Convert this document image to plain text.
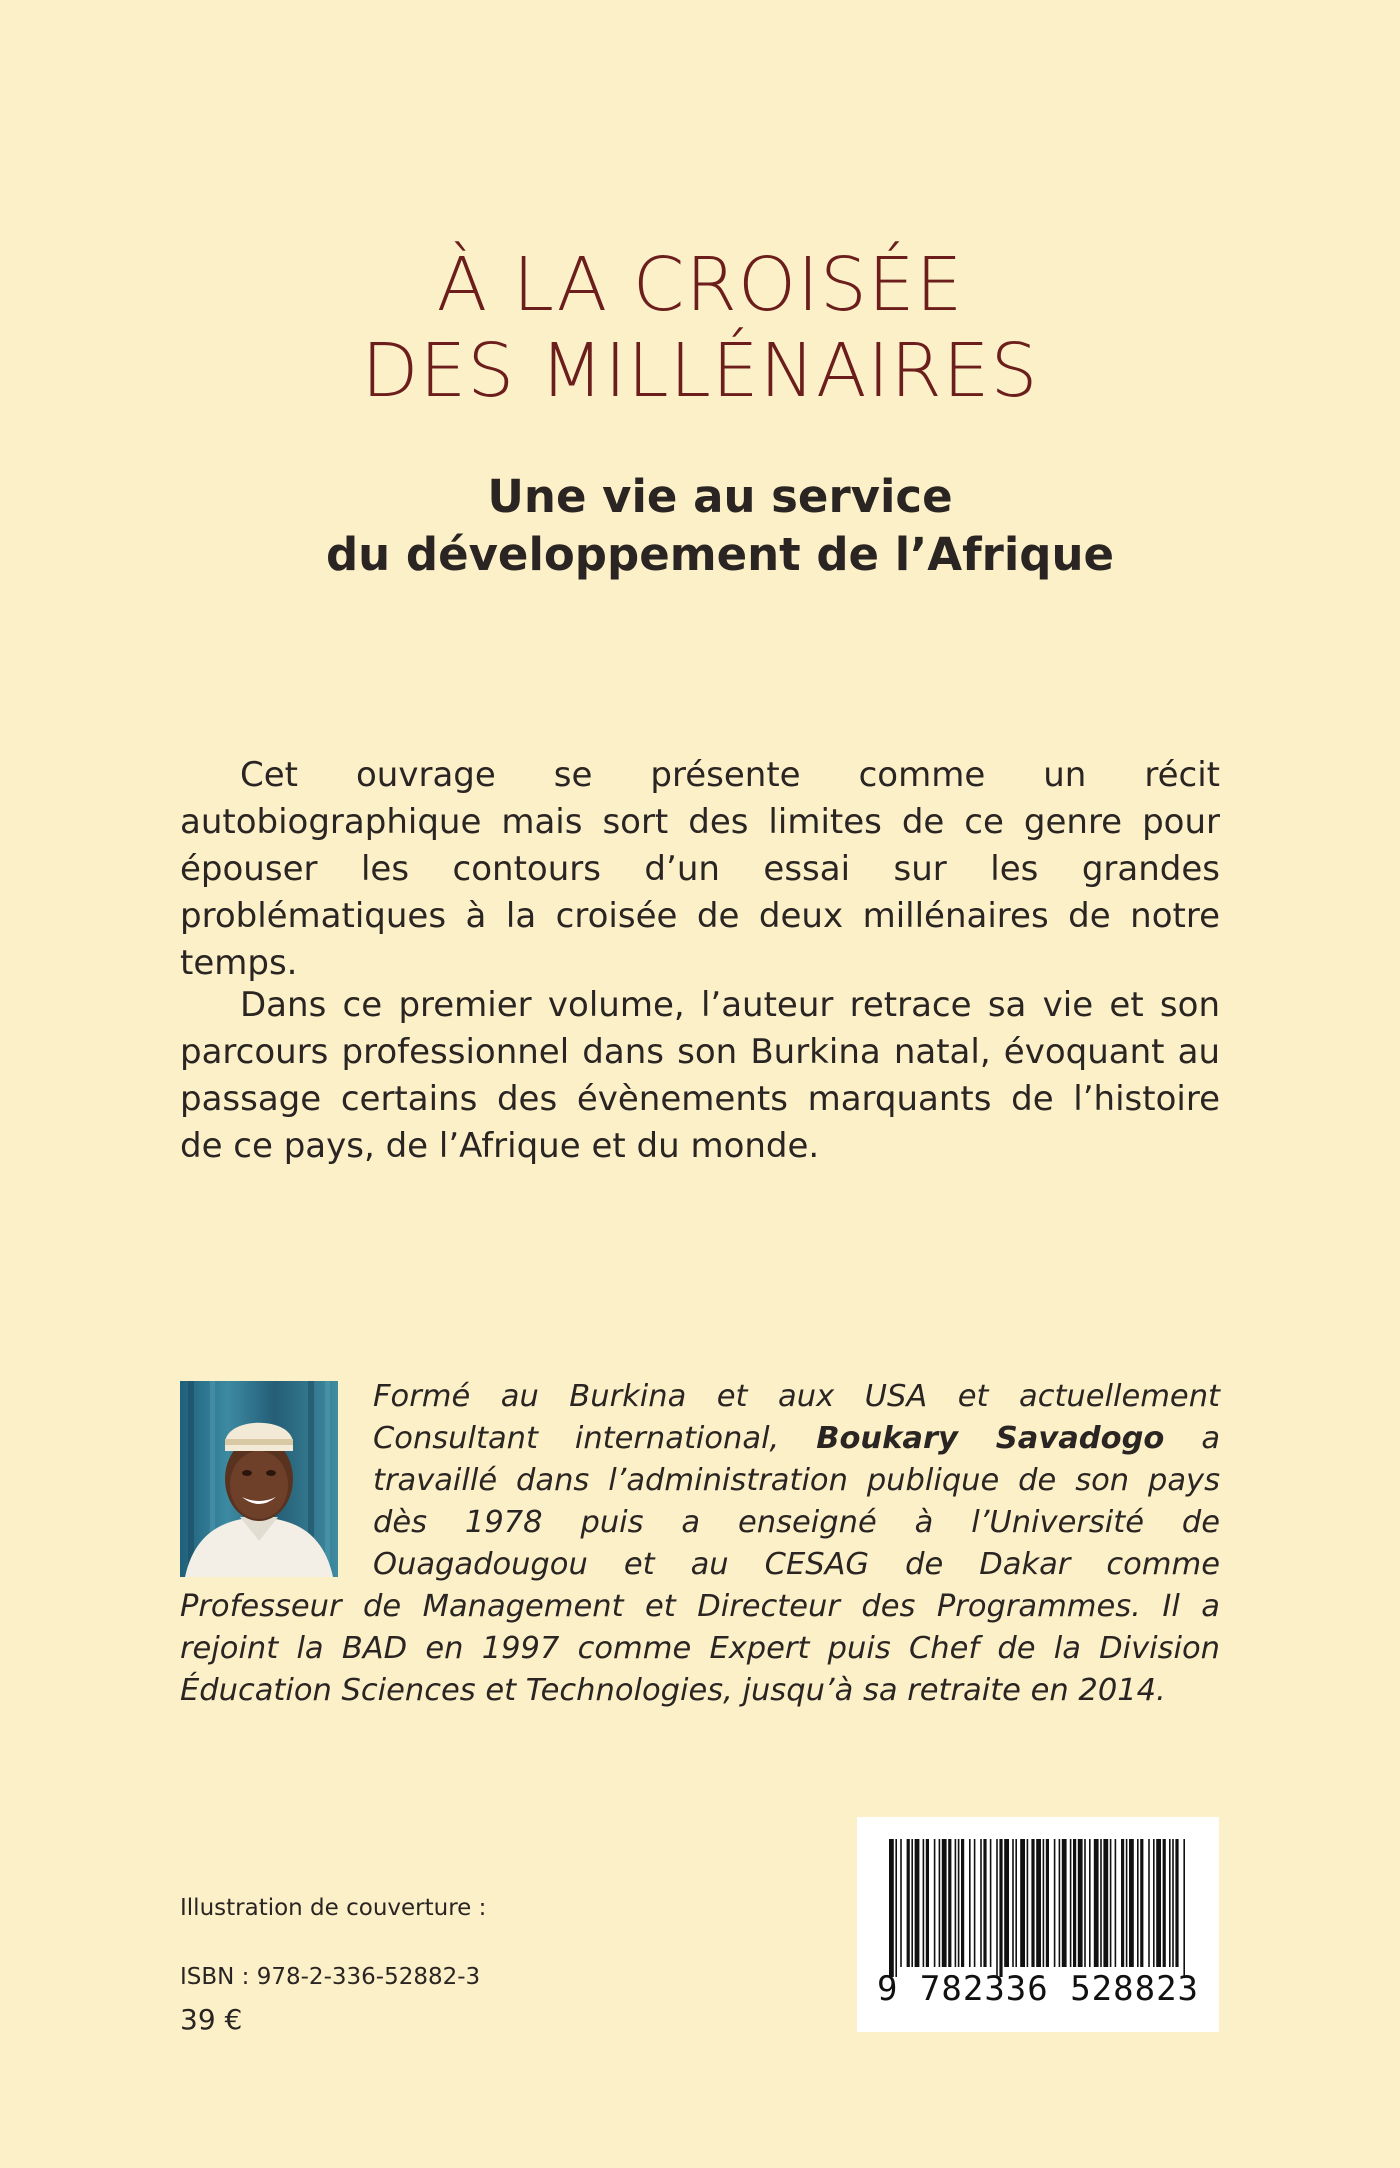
À LA CROISÉE
DES MILLÉNAIRES
Une vie au service
du développement de l’Afrique

Cet ouvrage se présente comme un récit autobiographique mais sort des limites de ce genre pour épouser les contours d’un essai sur les grandes problématiques à la croisée de deux millénaires de notre temps.

Dans ce premier volume, l’auteur retrace sa vie et son parcours professionnel dans son Burkina natal, évoquant au passage certains des évènements marquants de l’histoire de ce pays, de l’Afrique et du monde.

Formé au Burkina et aux USA et actuellement Consultant international, Boukary Savadogo a travaillé dans l’administration publique de son pays dès 1978 puis a enseigné à l’Université de Ouagadougou et au CESAG de Dakar comme Professeur de Management et Directeur des Programmes. Il a rejoint la BAD en 1997 comme Expert puis Chef de la Division Éducation Sciences et Technologies, jusqu’à sa retraite en 2014.

Illustration de couverture :
ISBN : 978-2-336-52882-3
39 €
9 782336 528823
